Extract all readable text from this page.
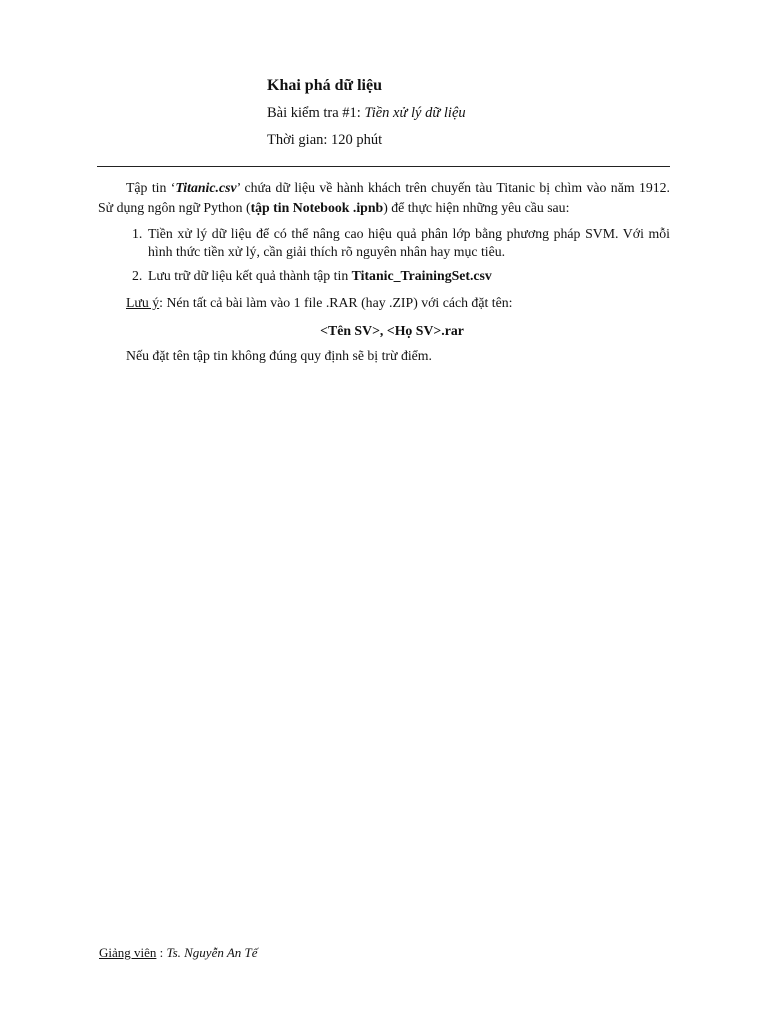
Khai phá dữ liệu

Bài kiểm tra #1: Tiền xử lý dữ liệu

Thời gian: 120 phút

Tập tin ‘Titanic.csv’ chứa dữ liệu về hành khách trên chuyến tàu Titanic bị chìm vào năm 1912. Sử dụng ngôn ngữ Python (tập tin Notebook .ipnb) để thực hiện những yêu cầu sau:

1. Tiền xử lý dữ liệu để có thể nâng cao hiệu quả phân lớp bằng phương pháp SVM. Với mỗi hình thức tiền xử lý, cần giải thích rõ nguyên nhân hay mục tiêu.
2. Lưu trữ dữ liệu kết quả thành tập tin Titanic_TrainingSet.csv

Lưu ý: Nén tất cả bài làm vào 1 file .RAR (hay .ZIP) với cách đặt tên:

<Tên SV>, <Họ SV>.rar

Nếu đặt tên tập tin không đúng quy định sẽ bị trừ điểm.

Giảng viên : Ts. Nguyễn An Tế
